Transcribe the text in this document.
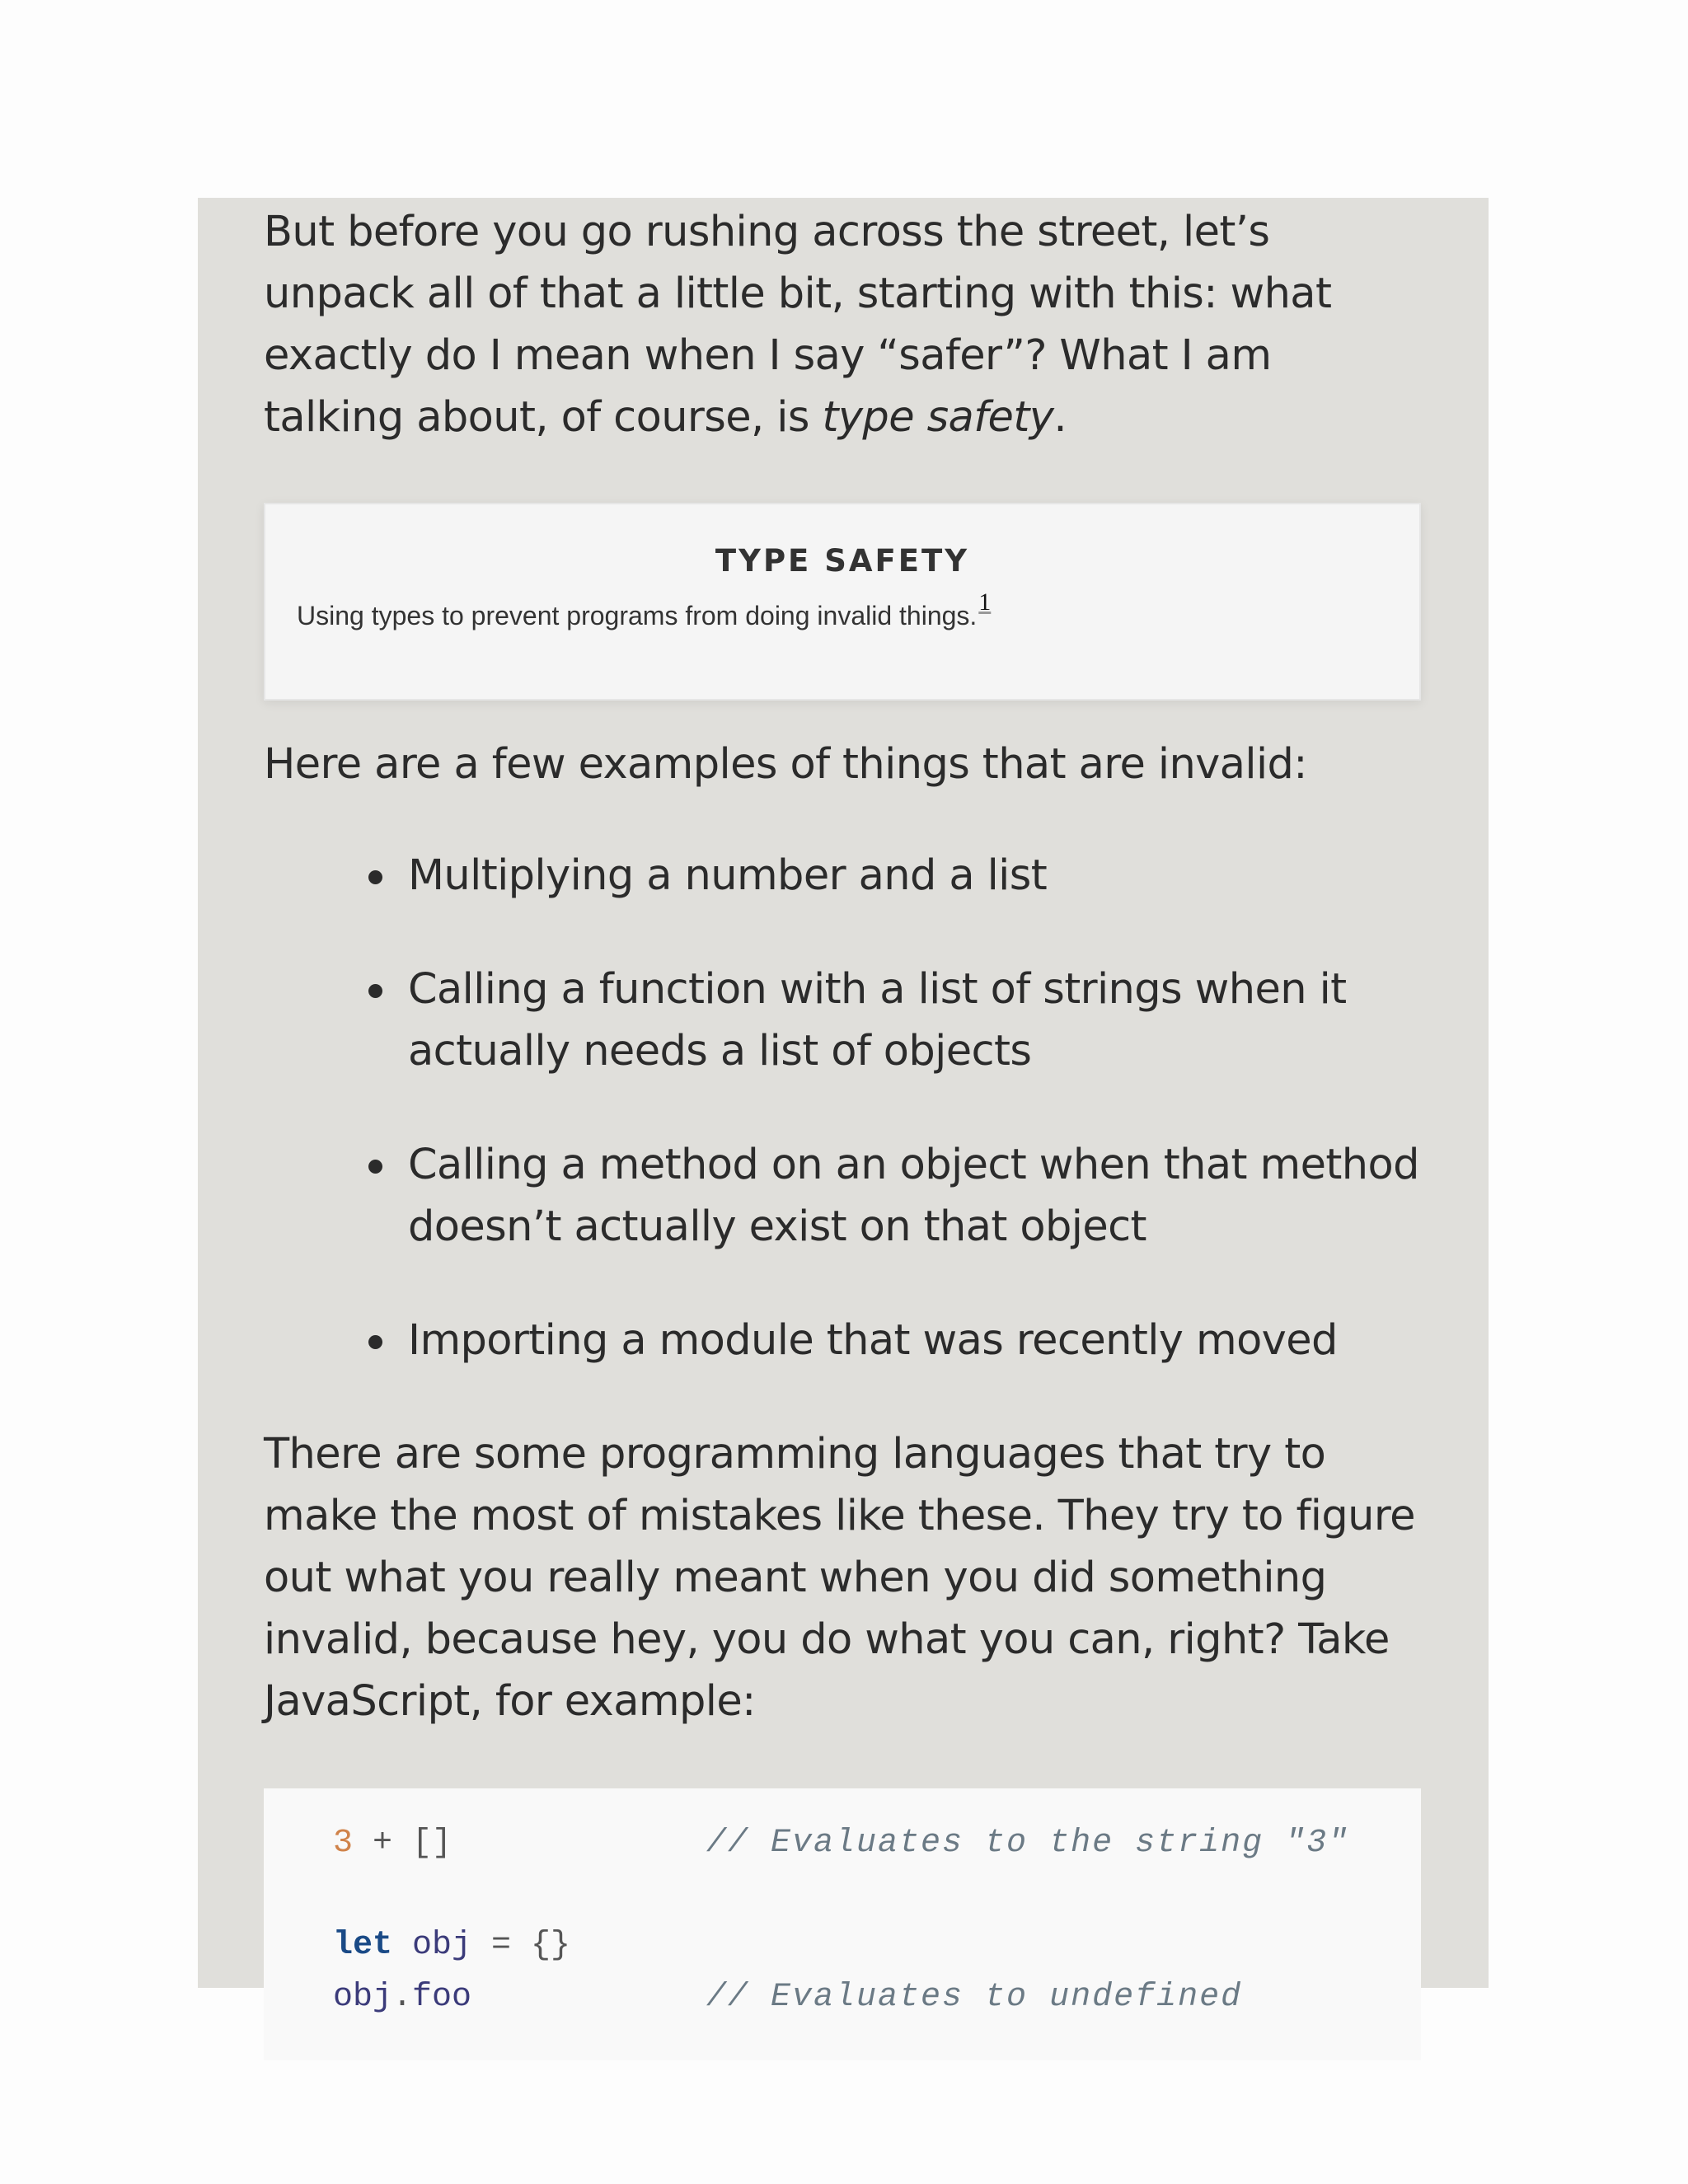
But before you go rushing across the street, let’s unpack all of that a little bit, starting with this: what exactly do I mean when I say “safer”? What I am talking about, of course, is type safety.

TYPE SAFETY
Using types to prevent programs from doing invalid things.$^1$

Here are a few examples of things that are invalid:

Multiplying a number and a list
Calling a function with a list of strings when it actually needs a list of objects
Calling a method on an object when that method doesn’t actually exist on that object
Importing a module that was recently moved

There are some programming languages that try to make the most of mistakes like these. They try to figure out what you really meant when you did something invalid, because hey, you do what you can, right? Take JavaScript, for example:

3 + []	// Evaluates to the string "3"
let obj = {}
obj.foo	// Evaluates to undefined
